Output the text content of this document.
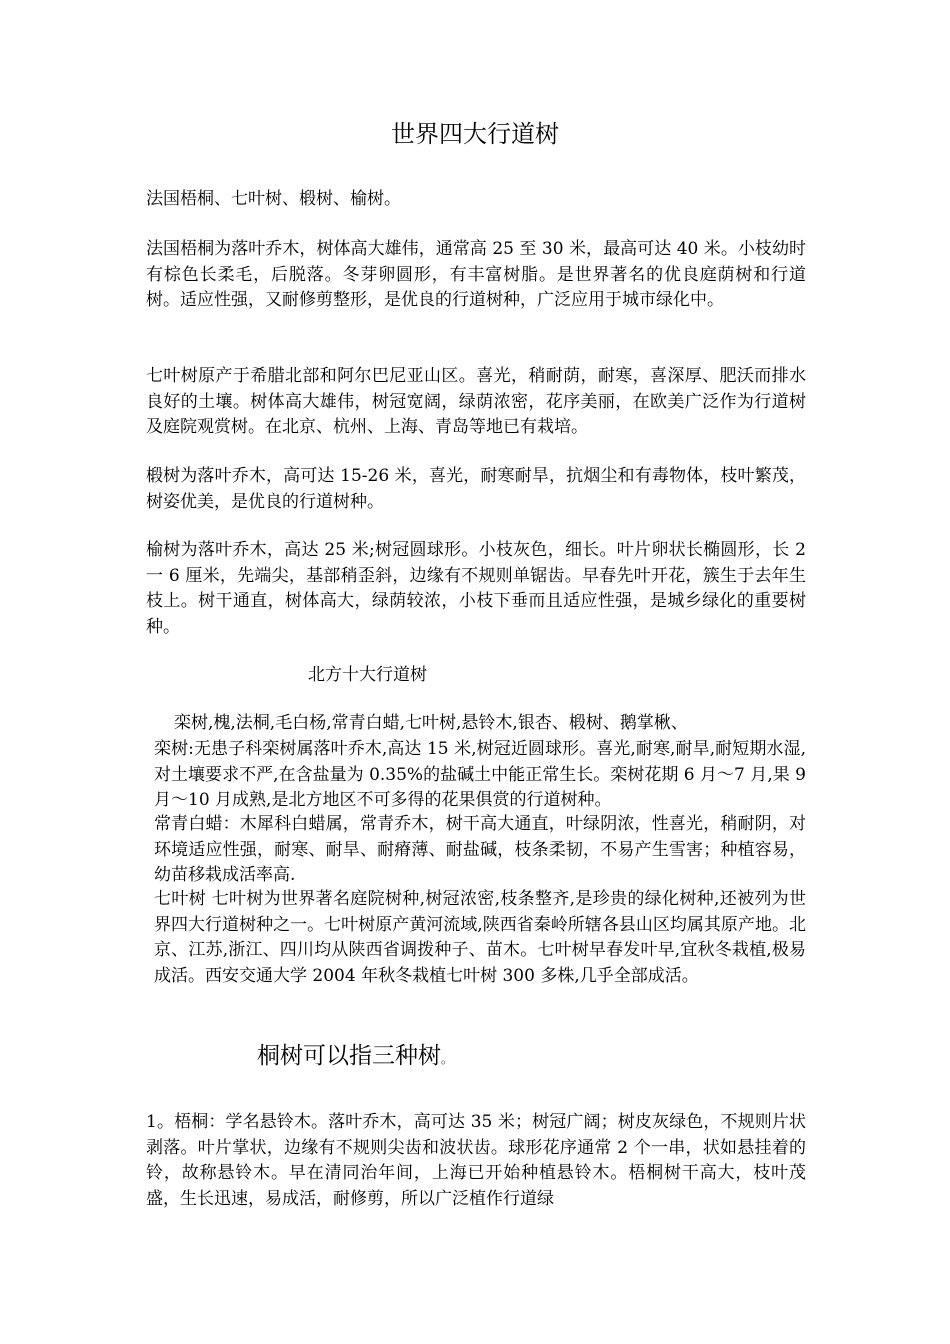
世界四大行道树

法国梧桐、七叶树、椴树、榆树。

法国梧桐为落叶乔木，树体高大雄伟，通常高 25 至 30 米，最高可达 40 米。小枝幼时有棕色长柔毛，后脱落。冬芽卵圆形，有丰富树脂。是世界著名的优良庭荫树和行道树。适应性强，又耐修剪整形，是优良的行道树种，广泛应用于城市绿化中。

七叶树原产于希腊北部和阿尔巴尼亚山区。喜光，稍耐荫，耐寒，喜深厚、肥沃而排水良好的土壤。树体高大雄伟，树冠宽阔，绿荫浓密，花序美丽，在欧美广泛作为行道树及庭院观赏树。在北京、杭州、上海、青岛等地已有栽培。

椴树为落叶乔木，高可达 15-26 米，喜光，耐寒耐旱，抗烟尘和有毒物体，枝叶繁茂，树姿优美，是优良的行道树种。

榆树为落叶乔木，高达 25 米;树冠圆球形。小枝灰色，细长。叶片卵状长椭圆形，长 2 一 6 厘米，先端尖，基部稍歪斜，边缘有不规则单锯齿。早春先叶开花，簇生于去年生枝上。树干通直，树体高大，绿荫较浓，小枝下垂而且适应性强，是城乡绿化的重要树种。

北方十大行道树

栾树,槐,法桐,毛白杨,常青白蜡,七叶树,悬铃木,银杏、椴树、鹅掌楸、

栾树:无患子科栾树属落叶乔木,高达 15 米,树冠近圆球形。喜光,耐寒,耐旱,耐短期水湿,对土壤要求不严,在含盐量为 0.35%的盐碱土中能正常生长。栾树花期 6 月～7 月,果 9 月～10 月成熟,是北方地区不可多得的花果俱赏的行道树种。

常青白蜡：木犀科白蜡属，常青乔木，树干高大通直，叶绿阴浓，性喜光，稍耐阴，对环境适应性强，耐寒、耐旱、耐瘠薄、耐盐碱，枝条柔韧，不易产生雪害；种植容易，幼苗移栽成活率高.

七叶树 七叶树为世界著名庭院树种,树冠浓密,枝条整齐,是珍贵的绿化树种,还被列为世界四大行道树种之一。七叶树原产黄河流域,陕西省秦岭所辖各县山区均属其原产地。北京、江苏,浙江、四川均从陕西省调拨种子、苗木。七叶树早春发叶早,宜秋冬栽植,极易成活。西安交通大学 2004 年秋冬栽植七叶树 300 多株,几乎全部成活。

桐树可以指三种树。

1。梧桐：学名悬铃木。落叶乔木，高可达 35 米；树冠广阔；树皮灰绿色，不规则片状剥落。叶片掌状，边缘有不规则尖齿和波状齿。球形花序通常 2 个一串，状如悬挂着的铃，故称悬铃木。早在清同治年间，上海已开始种植悬铃木。梧桐树干高大，枝叶茂盛，生长迅速，易成活，耐修剪，所以广泛植作行道绿
